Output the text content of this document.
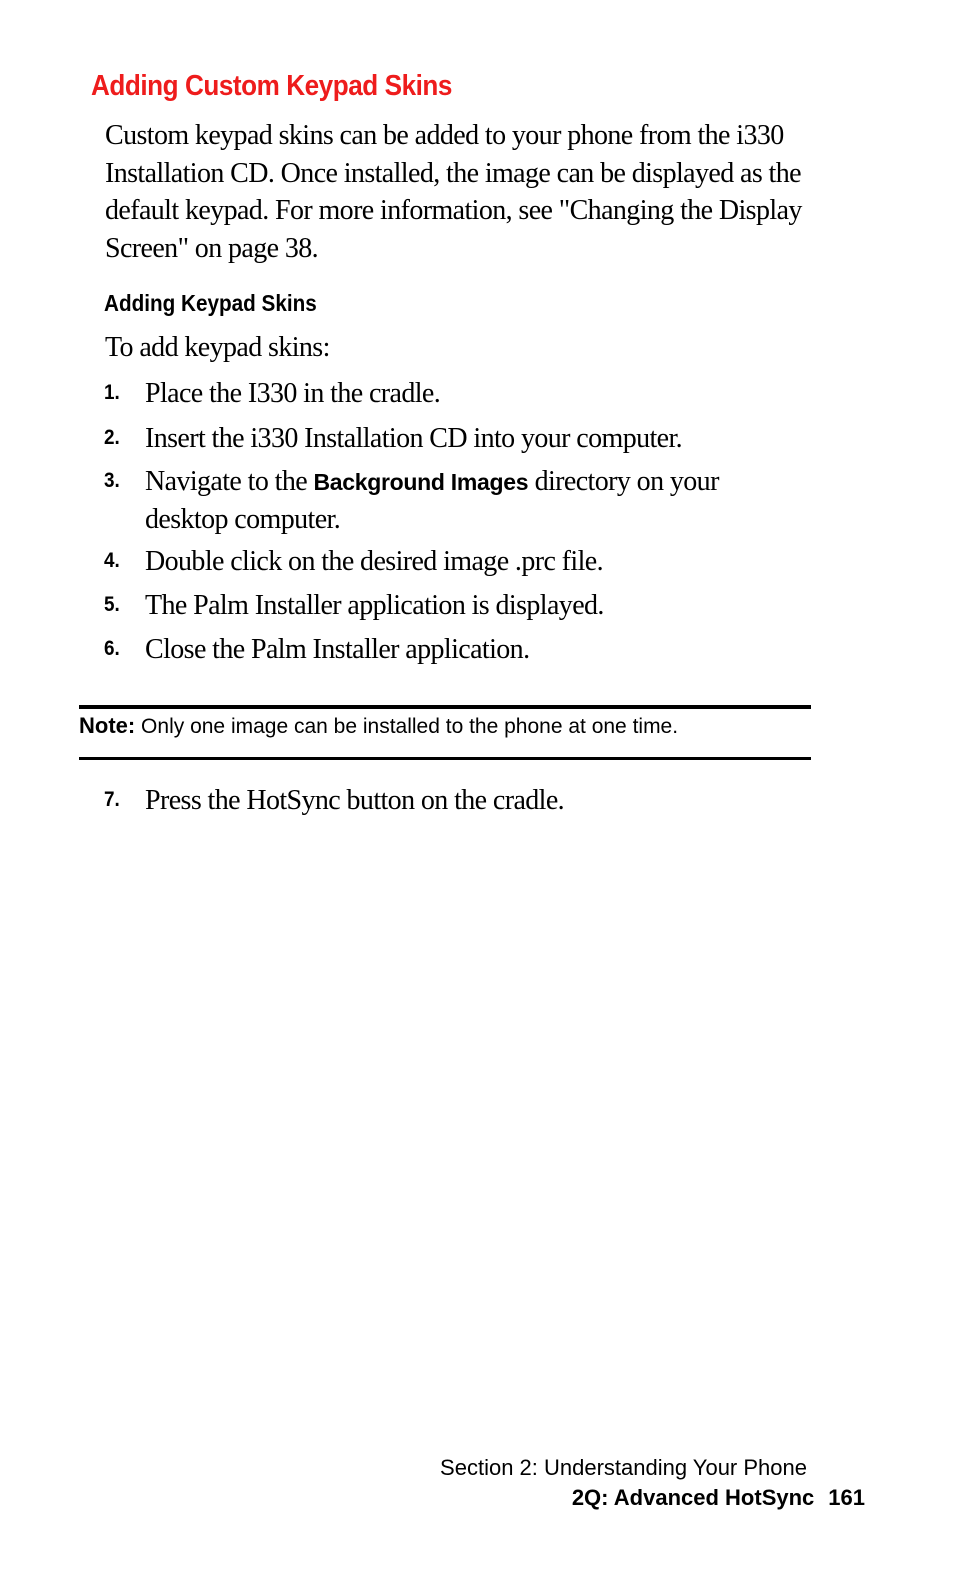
Adding Custom Keypad Skins

Custom keypad skins can be added to your phone from the i330 Installation CD. Once installed, the image can be displayed as the default keypad. For more information, see "Changing the Display Screen" on page 38.

Adding Keypad Skins

To add keypad skins:

1. Place the I330 in the cradle.
2. Insert the i330 Installation CD into your computer.
3. Navigate to the Background Images directory on your desktop computer.
4. Double click on the desired image .prc file.
5. The Palm Installer application is displayed.
6. Close the Palm Installer application.
Note: Only one image can be installed to the phone at one time.
7. Press the HotSync button on the cradle.
Section 2: Understanding Your Phone
2Q: Advanced HotSync 161
